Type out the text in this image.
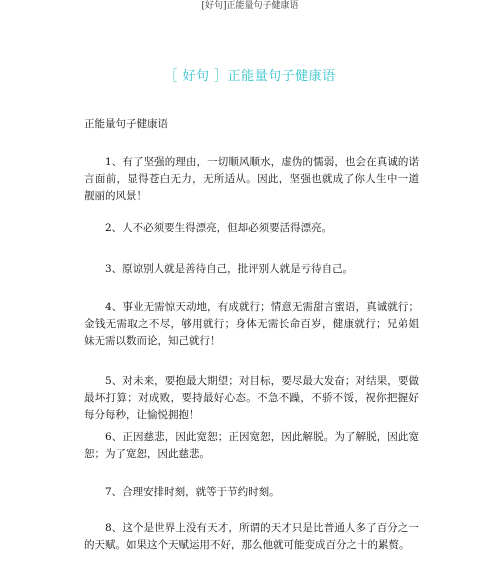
[好句]正能量句子健康语
［ 好句 ］正能量句子健康语
正能量句子健康语

1、有了坚强的理由，一切顺风顺水，虚伪的懦弱，也会在真诚的诺言面前，显得苍白无力，无所适从。因此，坚强也就成了你人生中一道靓丽的风景！

2、人不必须要生得漂亮，但却必须要活得漂亮。

3、原谅别人就是善待自己，批评别人就是亏待自己。

4、事业无需惊天动地，有成就行；情意无需甜言蜜语，真诚就行；金钱无需取之不尽，够用就行；身体无需长命百岁，健康就行；兄弟姐妹无需以数而论，知己就行！

5、对未来，要抱最大期望；对目标，要尽最大发奋；对结果，要做最坏打算；对成败，要持最好心态。不急不躁，不骄不馁，祝你把握好每分每秒，让愉悦拥抱！

6、正因慈悲，因此宽恕；正因宽恕，因此解脱。为了解脱，因此宽恕；为了宽恕，因此慈悲。

7、合理安排时刻，就等于节约时刻。

8、这个是世界上没有天才，所谓的天才只是比普通人多了百分之一的天赋。如果这个天赋运用不好，那么他就可能变成百分之十的累赘。
